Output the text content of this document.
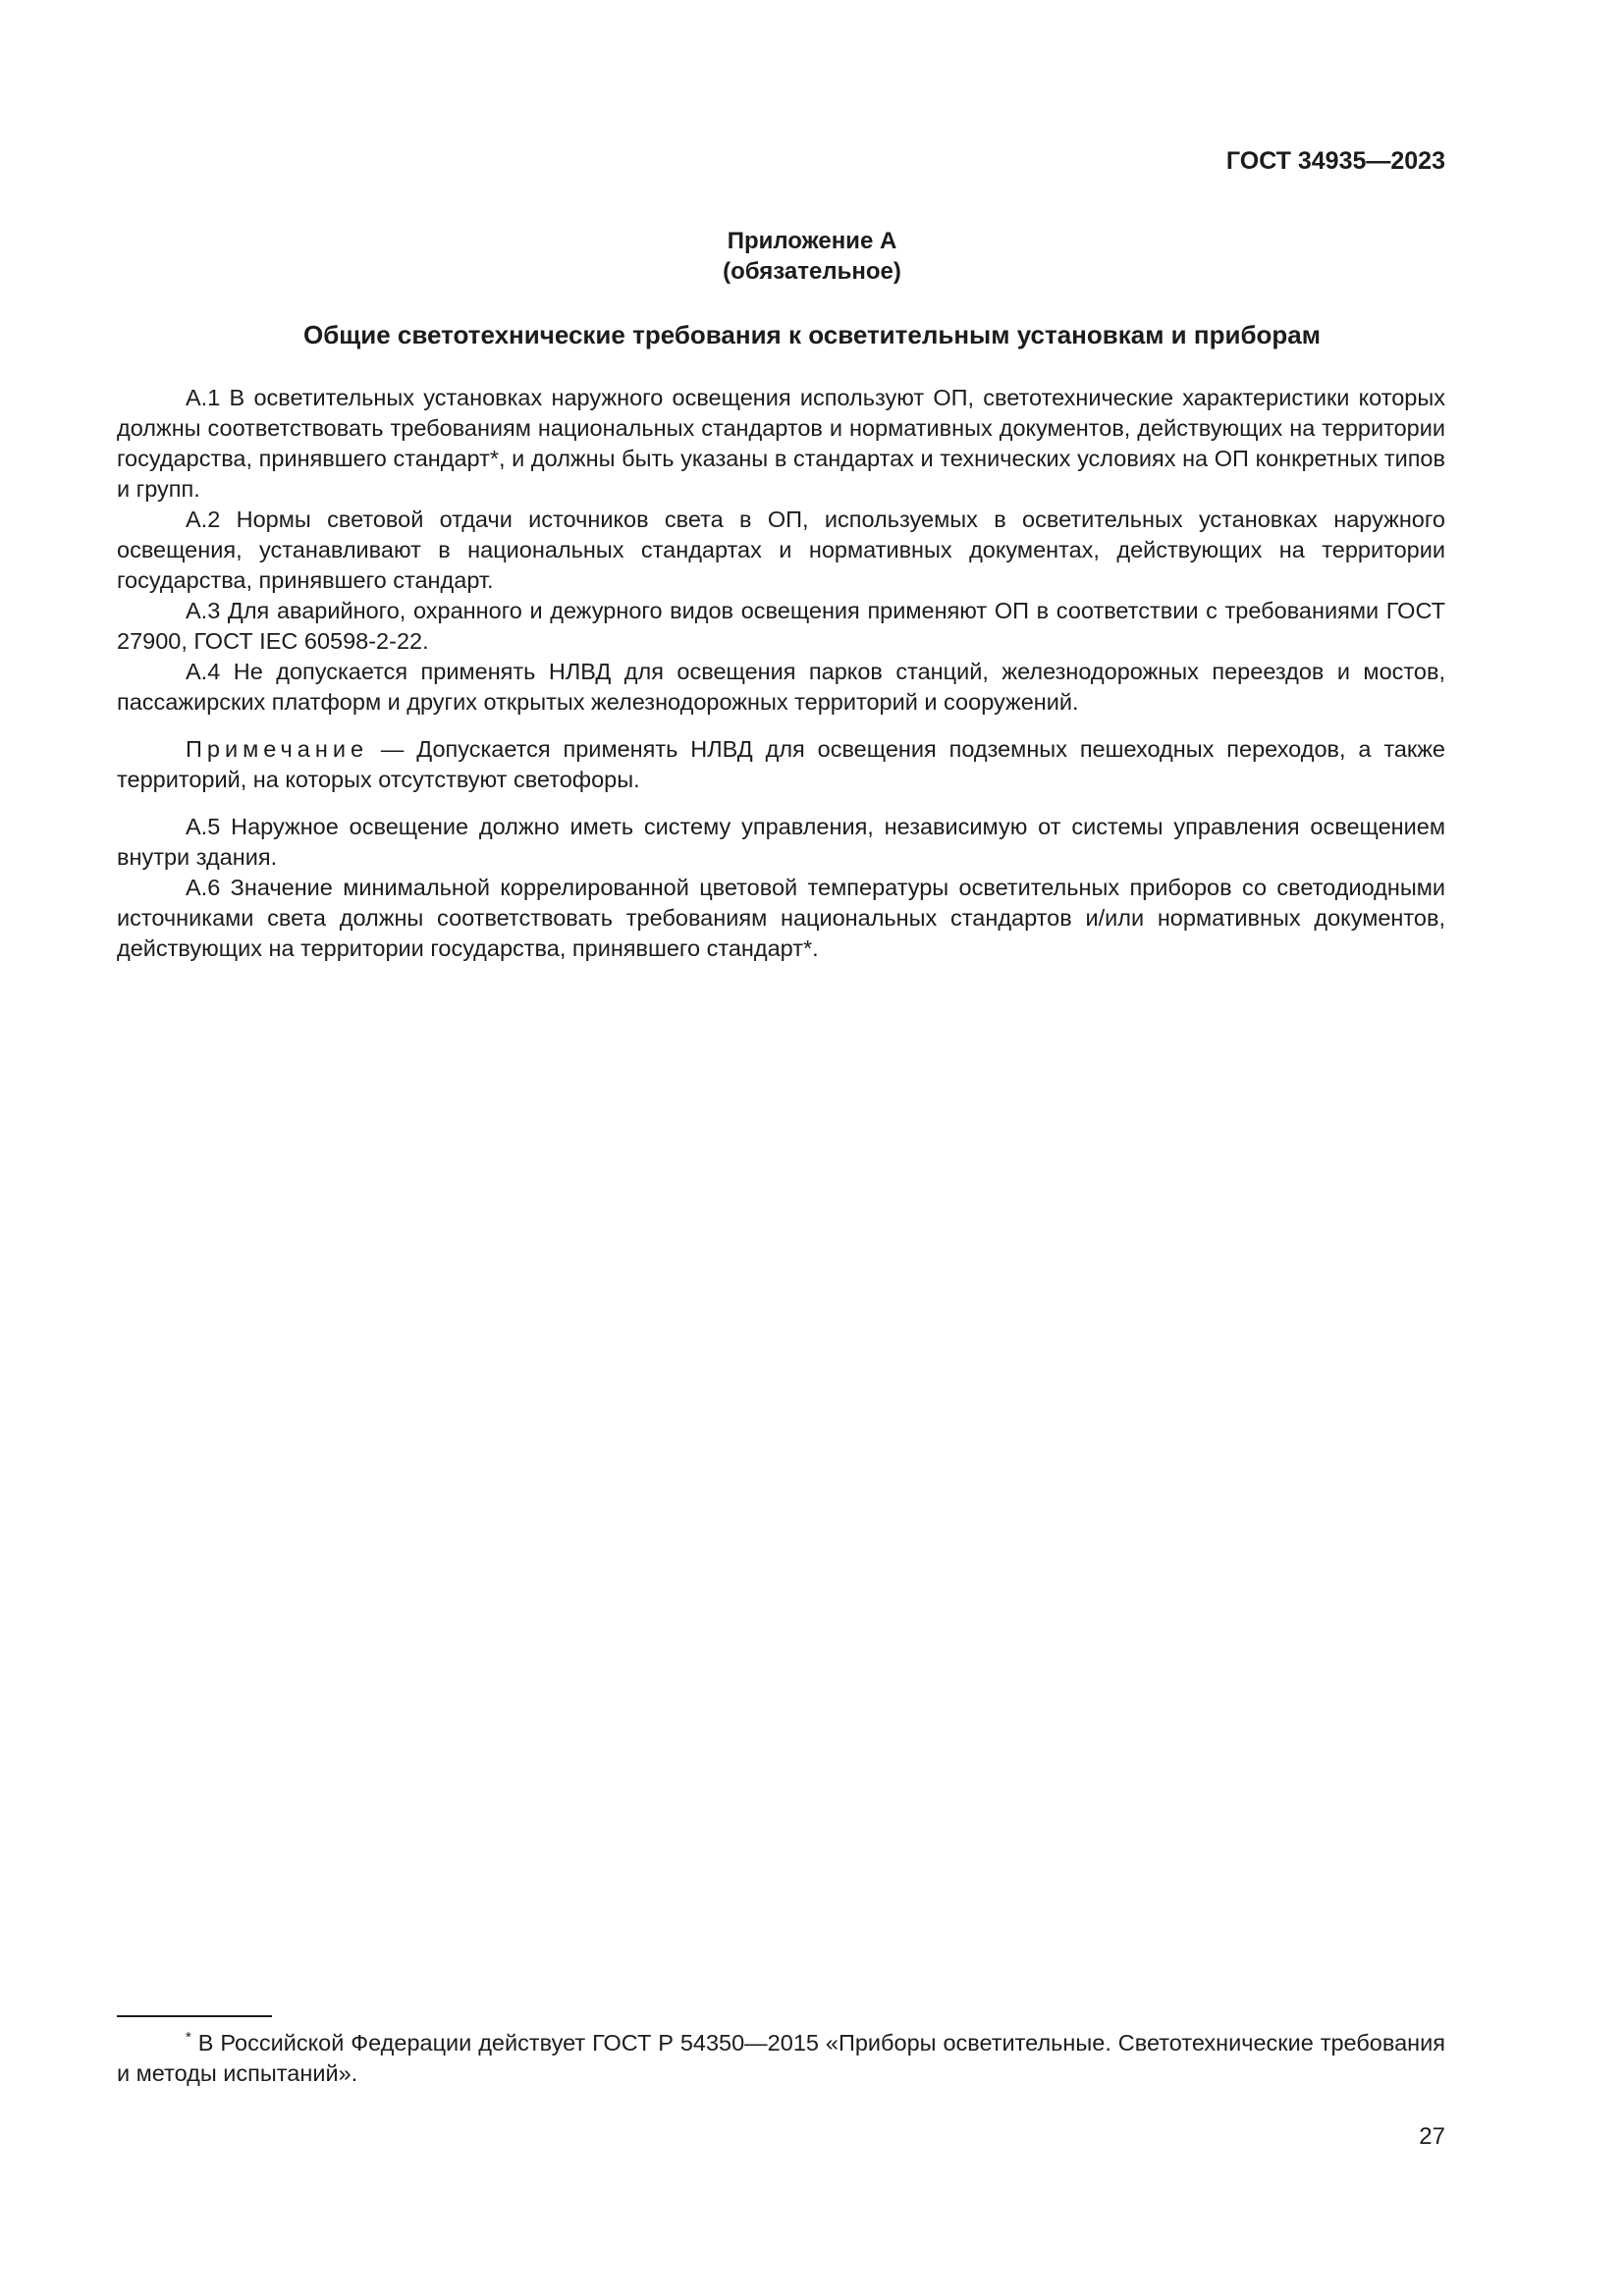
ГОСТ 34935—2023
Приложение А
(обязательное)
Общие светотехнические требования к осветительным установкам и приборам

А.1 В осветительных установках наружного освещения используют ОП, светотехнические характеристики которых должны соответствовать требованиям национальных стандартов и нормативных документов, действующих на территории государства, принявшего стандарт*, и должны быть указаны в стандартах и технических условиях на ОП конкретных типов и групп.

А.2 Нормы световой отдачи источников света в ОП, используемых в осветительных установках наружного освещения, устанавливают в национальных стандартах и нормативных документах, действующих на территории государства, принявшего стандарт.

А.3 Для аварийного, охранного и дежурного видов освещения применяют ОП в соответствии с требованиями ГОСТ 27900, ГОСТ IEC 60598-2-22.

А.4 Не допускается применять НЛВД для освещения парков станций, железнодорожных переездов и мостов, пассажирских платформ и других открытых железнодорожных территорий и сооружений.

Примечание — Допускается применять НЛВД для освещения подземных пешеходных переходов, а также территорий, на которых отсутствуют светофоры.

А.5 Наружное освещение должно иметь систему управления, независимую от системы управления освещением внутри здания.

А.6 Значение минимальной коррелированной цветовой температуры осветительных приборов со светодиодными источниками света должны соответствовать требованиям национальных стандартов и/или нормативных документов, действующих на территории государства, принявшего стандарт*.

* В Российской Федерации действует ГОСТ Р 54350—2015 «Приборы осветительные. Светотехнические требования и методы испытаний».
27
